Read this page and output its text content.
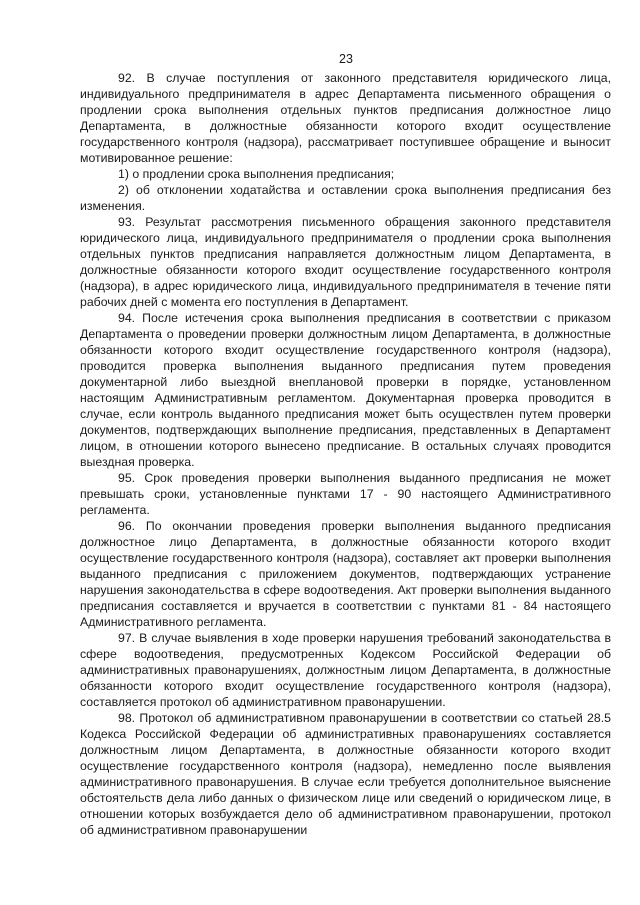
23

92. В случае поступления от законного представителя юридического лица, индивидуального предпринимателя в адрес Департамента письменного обращения о продлении срока выполнения отдельных пунктов предписания должностное лицо Департамента, в должностные обязанности которого входит осуществление государственного контроля (надзора), рассматривает поступившее обращение и выносит мотивированное решение:

1) о продлении срока выполнения предписания;

2) об отклонении ходатайства и оставлении срока выполнения предписания без изменения.

93. Результат рассмотрения письменного обращения законного представителя юридического лица, индивидуального предпринимателя о продлении срока выполнения отдельных пунктов предписания направляется должностным лицом Департамента, в должностные обязанности которого входит осуществление государственного контроля (надзора), в адрес юридического лица, индивидуального предпринимателя в течение пяти рабочих дней с момента его поступления в Департамент.

94. После истечения срока выполнения предписания в соответствии с приказом Департамента о проведении проверки должностным лицом Департамента, в должностные обязанности которого входит осуществление государственного контроля (надзора), проводится проверка выполнения выданного предписания путем проведения документарной либо выездной внеплановой проверки в порядке, установленном настоящим Административным регламентом. Документарная проверка проводится в случае, если контроль выданного предписания может быть осуществлен путем проверки документов, подтверждающих выполнение предписания, представленных в Департамент лицом, в отношении которого вынесено предписание. В остальных случаях проводится выездная проверка.

95. Срок проведения проверки выполнения выданного предписания не может превышать сроки, установленные пунктами 17 - 90 настоящего Административного регламента.

96. По окончании проведения проверки выполнения выданного предписания должностное лицо Департамента, в должностные обязанности которого входит осуществление государственного контроля (надзора), составляет акт проверки выполнения выданного предписания с приложением документов, подтверждающих устранение нарушения законодательства в сфере водоотведения. Акт проверки выполнения выданного предписания составляется и вручается в соответствии с пунктами 81 - 84 настоящего Административного регламента.

97. В случае выявления в ходе проверки нарушения требований законодательства в сфере водоотведения, предусмотренных Кодексом Российской Федерации об административных правонарушениях, должностным лицом Департамента, в должностные обязанности которого входит осуществление государственного контроля (надзора), составляется протокол об административном правонарушении.

98. Протокол об административном правонарушении в соответствии со статьей 28.5 Кодекса Российской Федерации об административных правонарушениях составляется должностным лицом Департамента, в должностные обязанности которого входит осуществление государственного контроля (надзора), немедленно после выявления административного правонарушения. В случае если требуется дополнительное выяснение обстоятельств дела либо данных о физическом лице или сведений о юридическом лице, в отношении которых возбуждается дело об административном правонарушении, протокол об административном правонарушении
